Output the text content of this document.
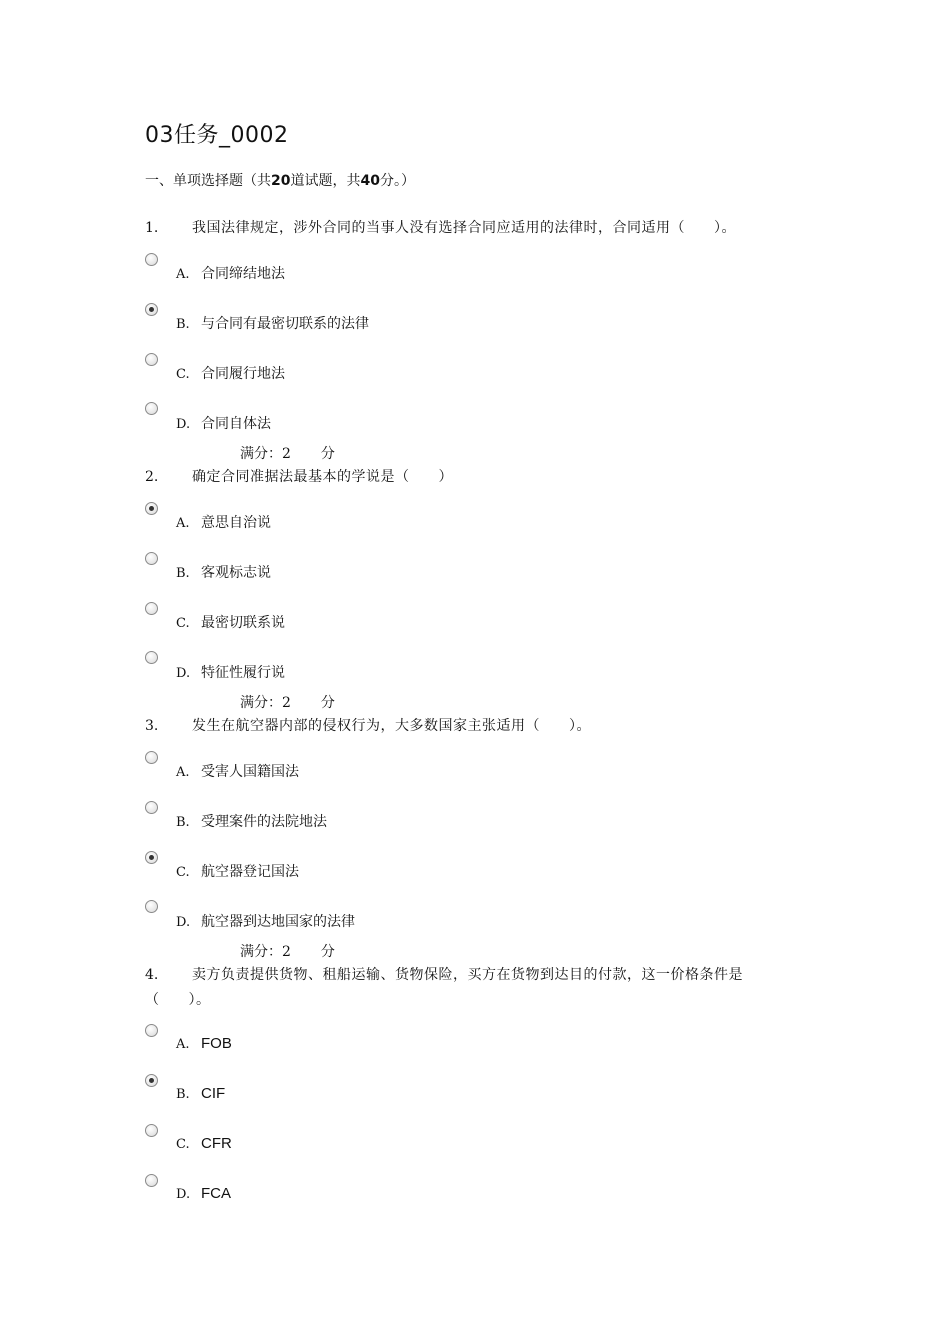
03任务_0002
一、单项选择题（共20道试题，共40分。）
1. 我国法律规定，涉外合同的当事人没有选择合同应适用的法律时，合同适用（　　）。
A. 合同缔结地法
B. 与合同有最密切联系的法律
C. 合同履行地法
D. 合同自体法
满分：2 分
2. 确定合同准据法最基本的学说是（　　）
A. 意思自治说
B. 客观标志说
C. 最密切联系说
D. 特征性履行说
满分：2 分
3. 发生在航空器内部的侵权行为，大多数国家主张适用（　　）。
A. 受害人国籍国法
B. 受理案件的法院地法
C. 航空器登记国法
D. 航空器到达地国家的法律
满分：2 分
4. 卖方负责提供货物、租船运输、货物保险，买方在货物到达目的付款，这一价格条件是
（　　）。
A. FOB
B. CIF
C. CFR
D. FCA
